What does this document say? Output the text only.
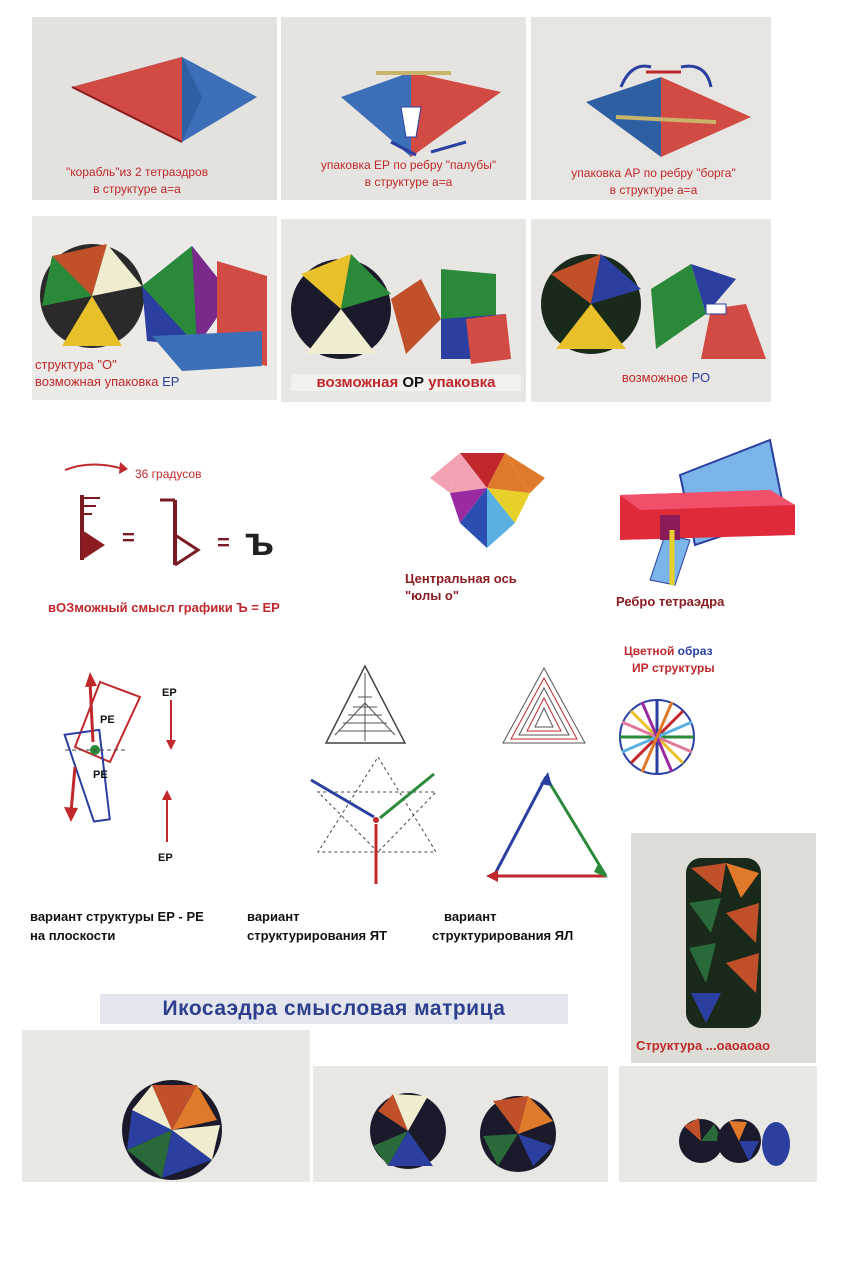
"корабль"из 2 тетраэдров
в структуре а=а
упаковка ЕР по ребру "палубы"
в структуре а=а
упаковка АР по ребру "борга"
в структуре а=а
структура "О"
возможная упаковка ЕР	возможная ОР упаковка	возможное РО
36 градусов
=	= ъ
вОЗможный смысл графики Ъ = ЕР
Центральная ось
"юлы о"	Ребро тетраэдра
Цветной образ
ИР структуры
РЕ
РЕ
ЕР
ЕР
вариант структуры ЕР - РЕ
на плоскости
вариант
структурирования ЯТ
вариант
структурирования ЯЛ
Структура ...оаоаоао
Икосаэдра смысловая матрица
